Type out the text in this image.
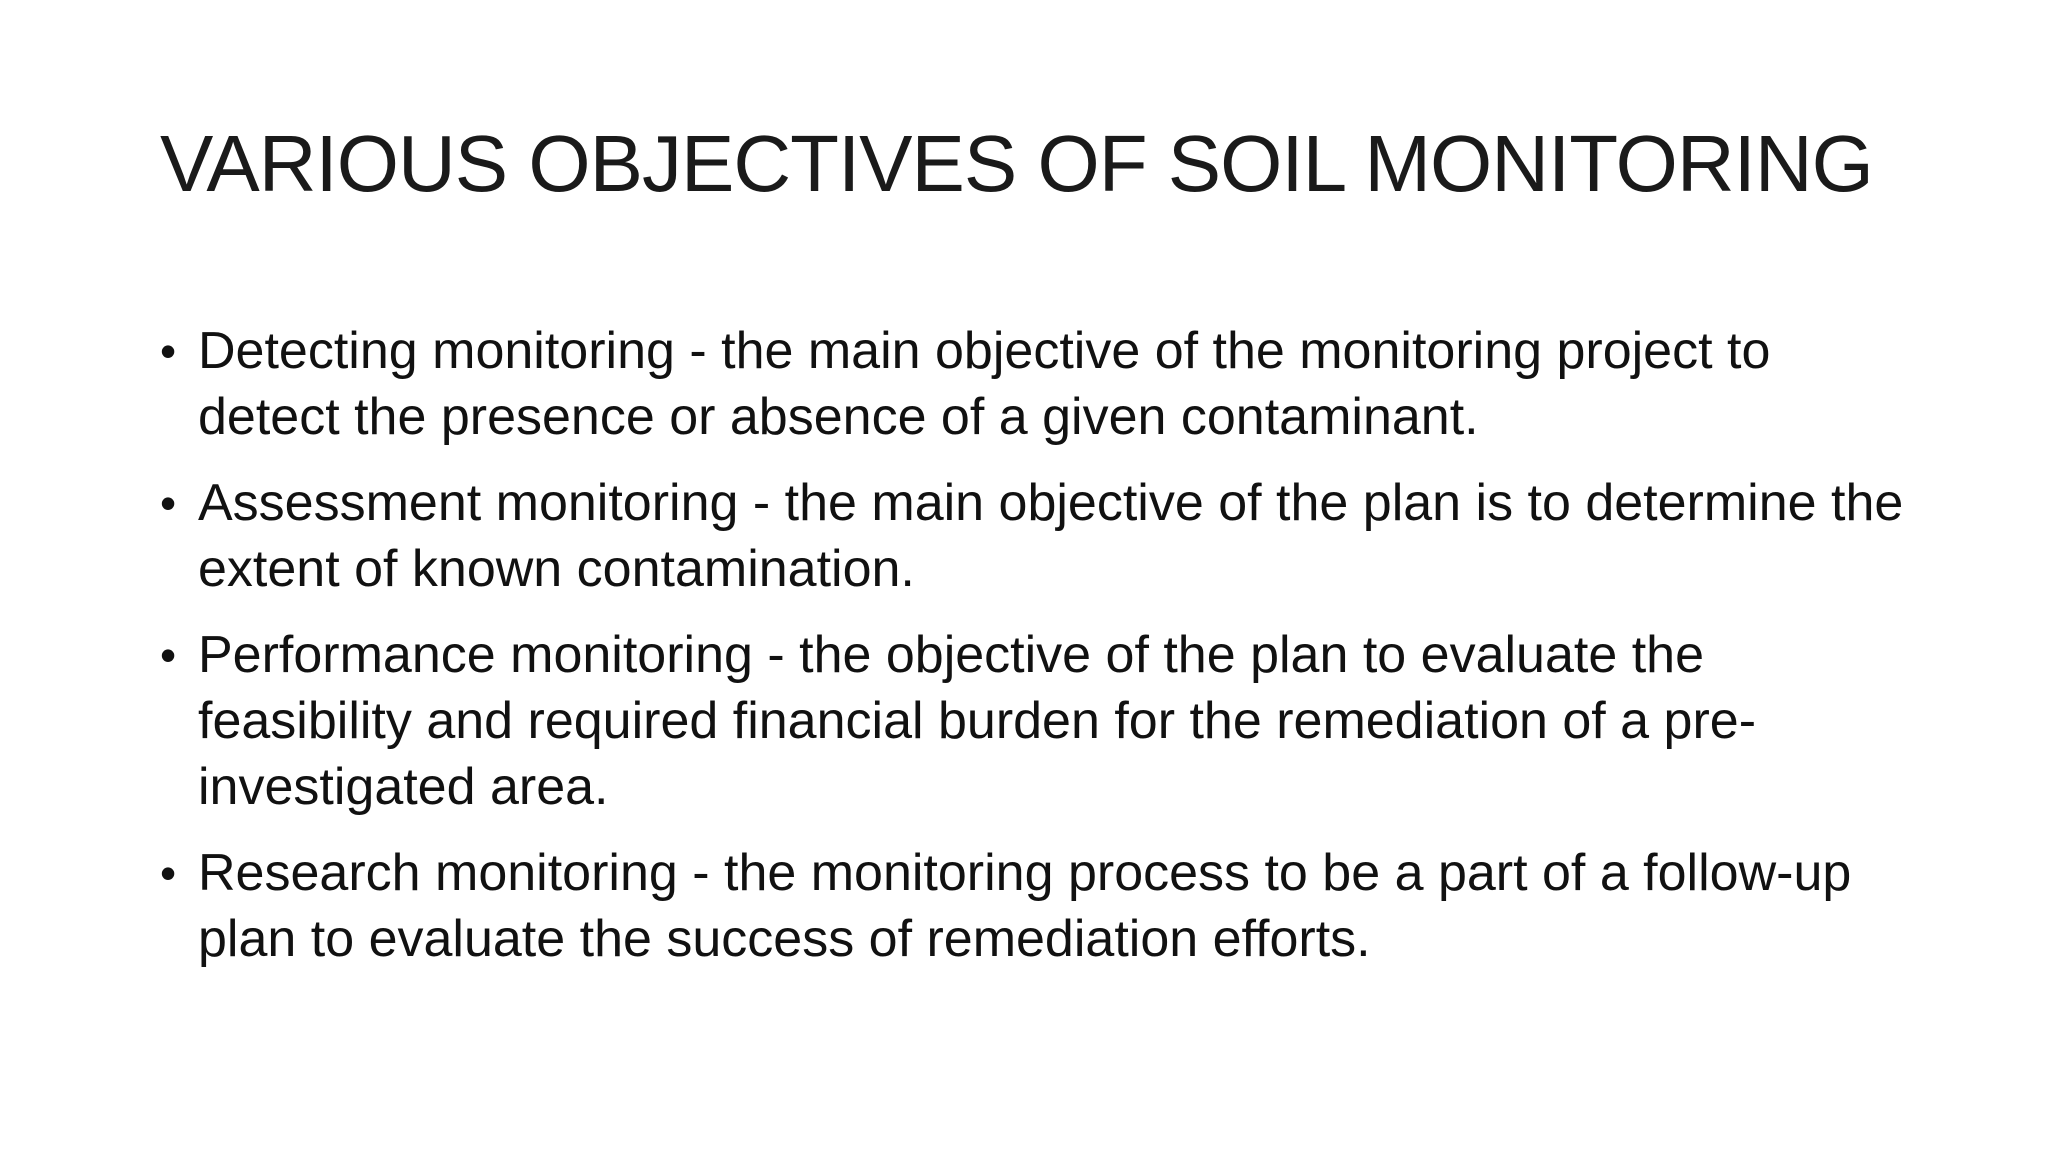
VARIOUS OBJECTIVES OF SOIL MONITORING
• Detecting monitoring - the main objective of the monitoring project to detect the presence or absence of a given contaminant.
• Assessment monitoring - the main objective of the plan is to determine the extent of known contamination.
• Performance monitoring - the objective of the plan to evaluate the feasibility and required financial burden for the remediation of a pre-investigated area.
• Research monitoring - the monitoring process to be a part of a follow-up plan to evaluate the success of remediation efforts.
